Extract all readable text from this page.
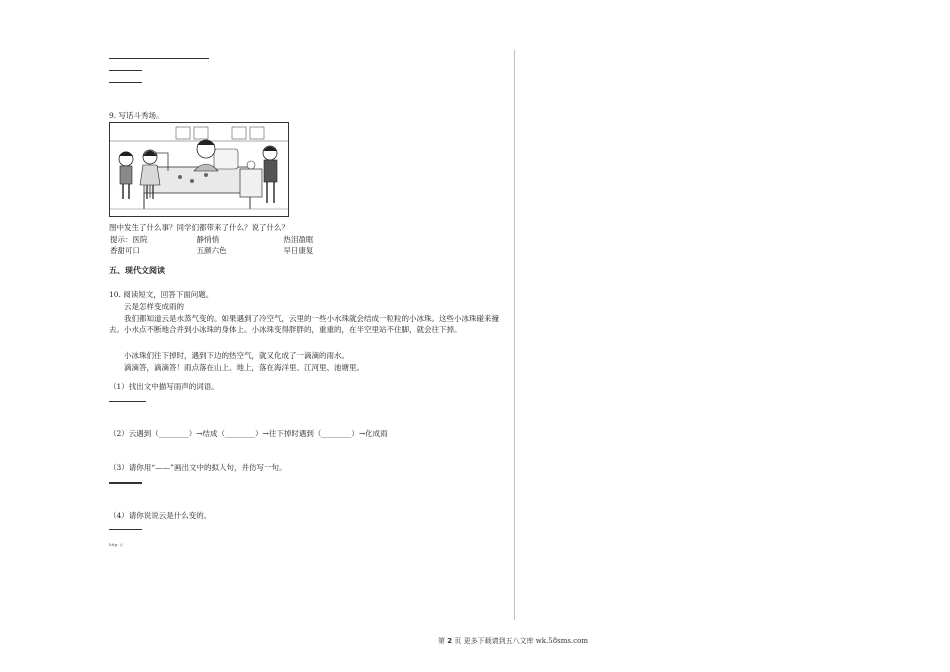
9. 写话斗秀场。
图中发生了什么事？同学们都带来了什么？说了什么？
提示：医院	静悄悄	热泪盈眶
香甜可口	五颜六色	早日康复
五、现代文阅读
10. 阅读短文，回答下面问题。
云是怎样变成雨的
我们都知道云是水蒸气变的。如果遇到了冷空气，云里的一些小水珠就会结成一粒粒的小冰珠。这些小冰珠碰来撞去。小水点不断地合并到小冰珠的身体上。小冰珠变得胖胖的，重重的，在半空里站不住脚，就会往下掉。
小冰珠们往下掉时，遇到下边的热空气，就又化成了一滴滴的雨水。
滴滴答，滴滴答！雨点落在山上、地上，落在海洋里、江河里、池塘里。
（1）找出文中描写雨声的词语。
（2）云遇到（________）→结成（________）→往下掉时遇到（________）→化成雨
（3）请你用“——”画出文中的拟人句，并仿写一句。
（4）请你说说云是什么变的。
http: //
第 2 页 更多下载请到五八文库 wk.58sms.com
